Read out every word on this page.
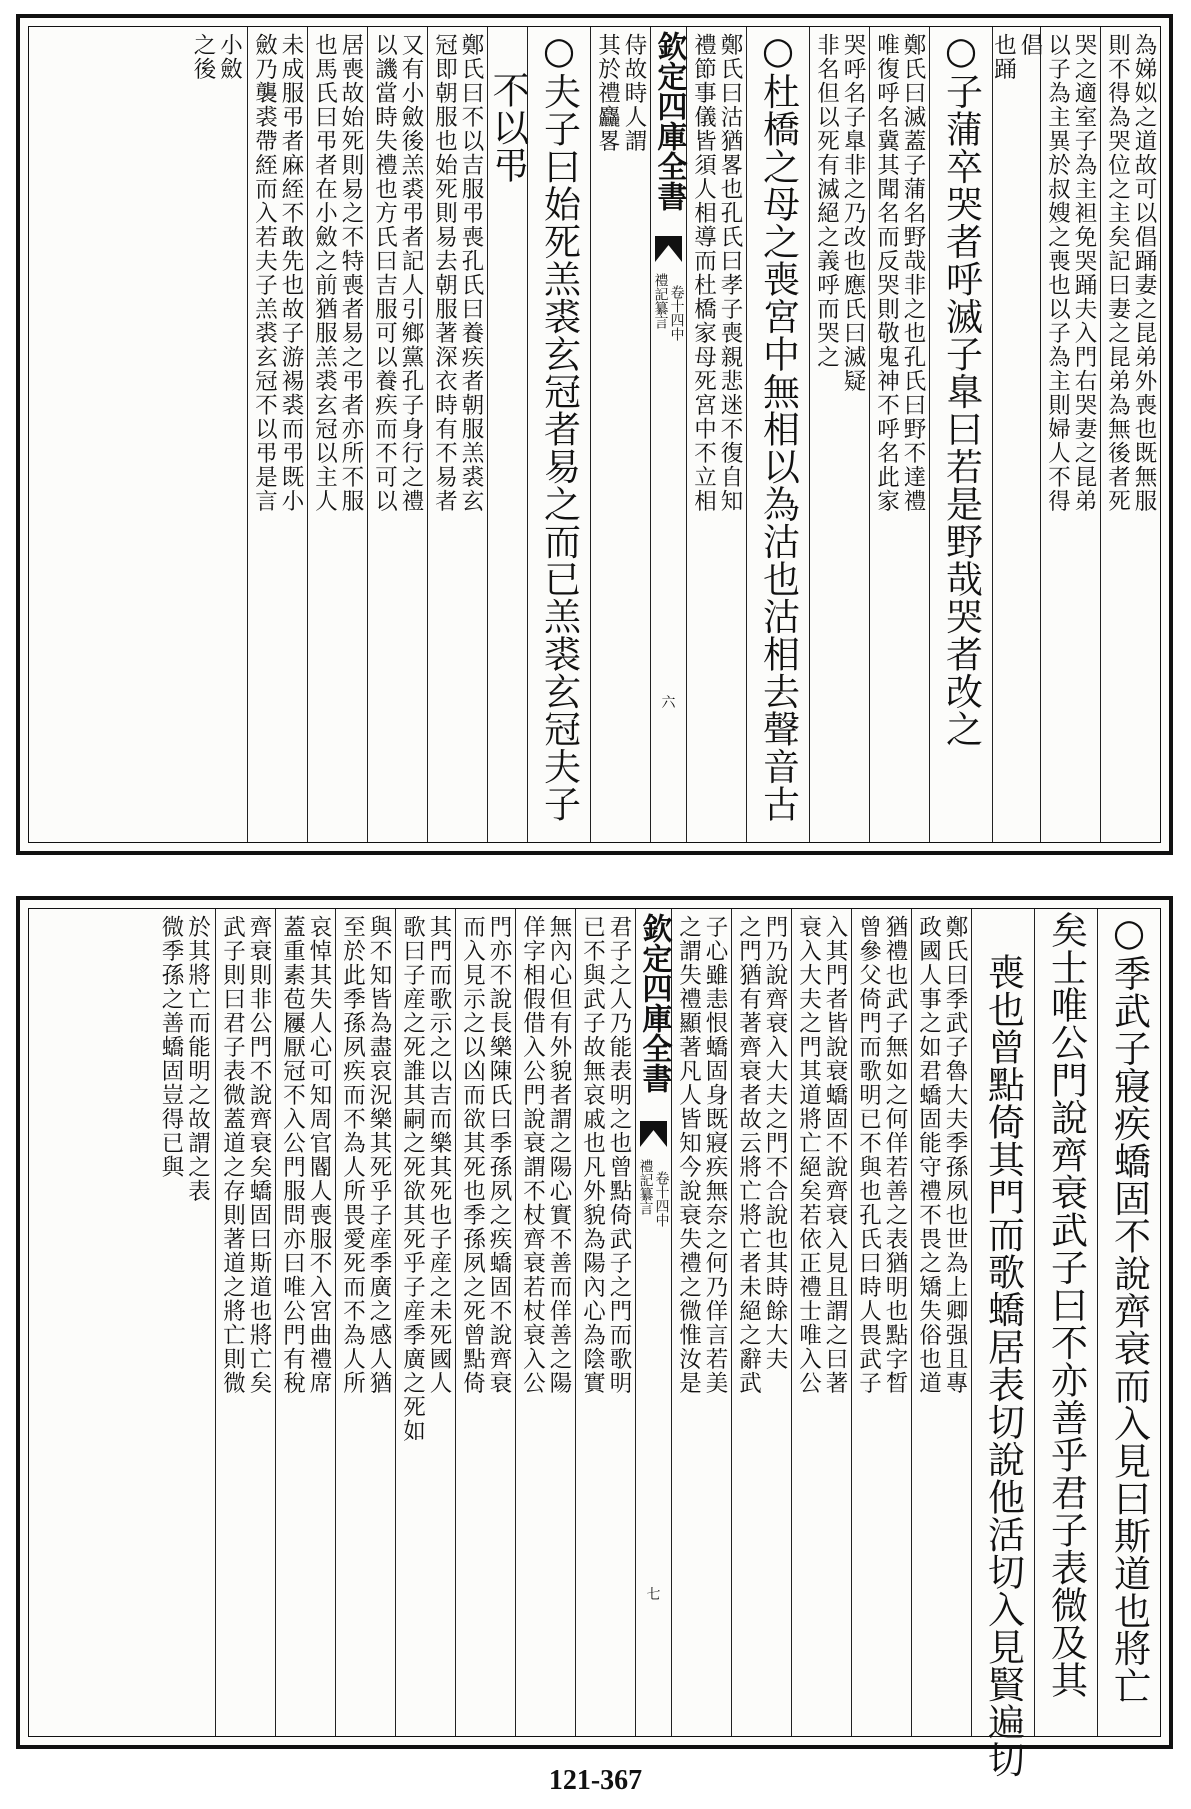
為娣姒之道故可以倡踊妻之昆弟外喪也既無服
則不得為哭位之主矣記曰妻之昆弟為無後者死
哭之適室子為主袒免哭踊夫入門右哭妻之昆弟
以子為主異於叔嫂之喪也以子為主則婦人不得
倡
也踊
○子蒲卒哭者呼滅子臯曰若是野哉哭者改之
鄭氏曰滅蓋子蒲名野哉非之也孔氏曰野不達禮
唯復呼名冀其聞名而反哭則敬鬼神不呼名此家
哭呼名子臯非之乃改也應氏曰滅疑
非名但以死有滅絕之義呼而哭之
○杜橋之母之喪宮中無相以為沽也沽相去聲音古
鄭氏曰沽猶畧也孔氏曰孝子喪親悲迷不復自知
禮節事儀皆須人相導而杜橋家母死宮中不立相
欽定四庫全書
禮記纂言 卷十四中
六
侍故時人謂
其於禮麤畧
○夫子曰始死羔裘玄冠者易之而已羔裘玄冠夫子
不以弔
鄭氏曰不以吉服弔喪孔氏曰養疾者朝服羔裘玄
冠即朝服也始死則易去朝服著深衣時有不易者
又有小斂後羔裘弔者記人引鄉黨孔子身行之禮
以譏當時失禮也方氏曰吉服可以養疾而不可以
居喪故始死則易之不特喪者易之弔者亦所不服
也馬氏曰弔者在小斂之前猶服羔裘玄冠以主人
未成服弔者麻絰不敢先也故子游裼裘而弔既小
斂乃襲裘帶絰而入若夫子羔裘玄冠不以弔是言
小斂
之後
○季武子寢疾蟜固不說齊衰而入見曰斯道也將亡
矣士唯公門說齊衰武子曰不亦善乎君子表微及其
喪也曾點倚其門而歌蟜居表切說他活切入見賢遍切
鄭氏曰季武子魯大夫季孫夙也世為上卿强且專
政國人事之如君蟜固能守禮不畏之矯失俗也道
猶禮也武子無如之何佯若善之表猶明也點字晳
曾參父倚門而歌明已不與也孔氏曰時人畏武子
入其門者皆說衰蟜固不說齊衰入見且謂之曰著
衰入大夫之門其道將亡絕矣若依正禮士唯入公
門乃說齊衰入大夫之門不合說也其時餘大夫
之門猶有著齊衰者故云將亡將亡者未絕之辭武
子心雖恚恨蟜固身既寢疾無奈之何乃佯言若美
之謂失禮顯著凡人皆知今說衰失禮之微惟汝是
欽定四庫全書
禮記纂言 卷十四中
七
君子之人乃能表明之也曾點倚武子之門而歌明
已不與武子故無哀戚也凡外貌為陽內心為陰實
無內心但有外貌者謂之陽心實不善而佯善之陽
佯字相假借入公門說衰謂不杖齊衰若杖衰入公
門亦不說長樂陳氏曰季孫夙之疾蟜固不說齊衰
而入見示之以凶而欲其死也季孫夙之死曾點倚
其門而歌示之以吉而樂其死也子産之未死國人
歌曰子産之死誰其嗣之死欲其死乎子産季廣之死如
與不知皆為盡哀況樂其死乎子産季廣之感人猶
至於此季孫夙疾而不為人所畏愛死而不為人所
哀悼其失人心可知周官閽人喪服不入宮曲禮席
蓋重素苞屨厭冠不入公門服問亦曰唯公門有稅
齊衰則非公門不說齊衰矣蟜固曰斯道也將亡矣
武子則曰君子表微蓋道之存則著道之將亡則微
於其將亡而能明之故謂之表
微季孫之善蟜固豈得已與
121-367
